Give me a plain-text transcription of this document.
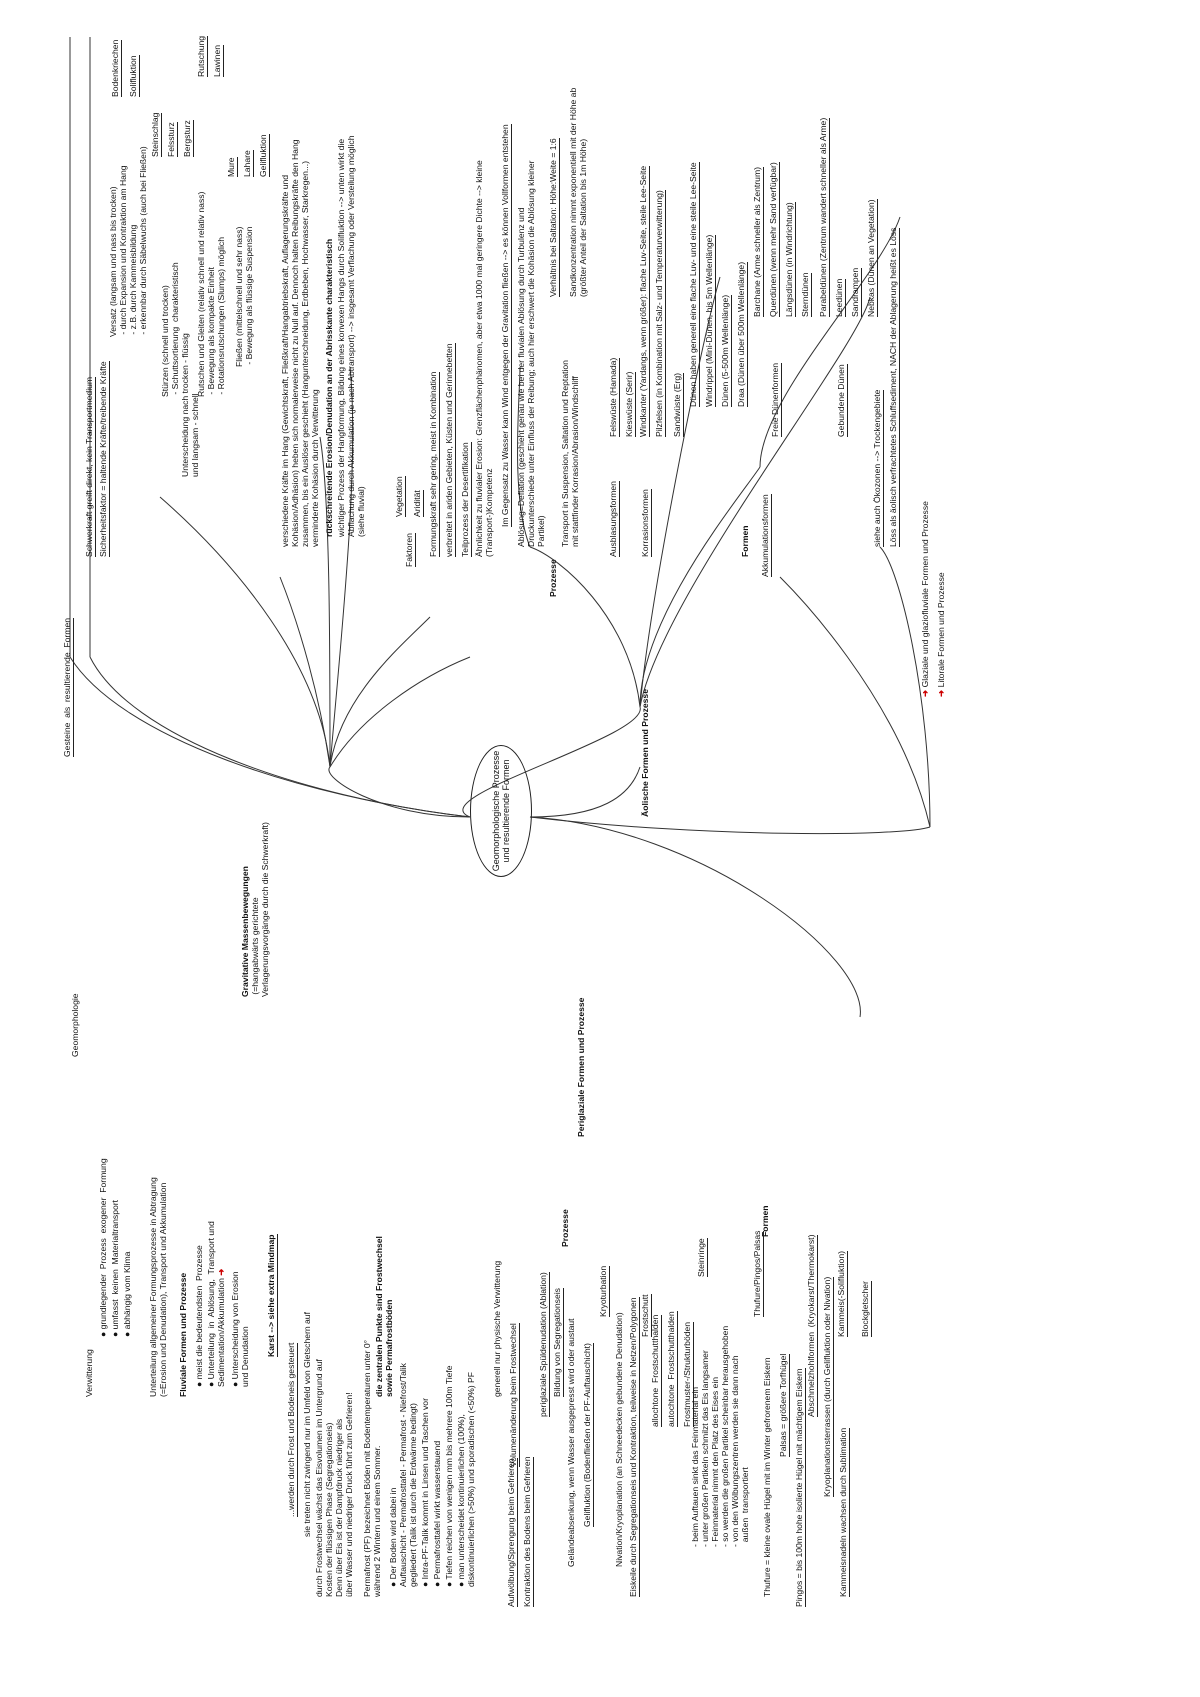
Geomorphologische Prozesse
und resultierende Formen
Geomorphologie
Gesteine  als  resultierende  Formen
Gravitative Massenbewegungen (=hangabwärts gerichtete
Verlagerungsvorgänge durch die Schwerkraft)
Schwerkraft greift direkt, kein Transportmedium Sicherheitsfaktor = haltende Kräfte/treibende Kräfte
Versatz (langsam und nass bis trocken)
- durch Expansion und Kontraktion am Hang
- z.B. durch Kammeisbildung
- erkennbar durch Säbelwuchs (auch bei Fließen)
Bodenkriechen Solifluktion
Unterscheidung nach trocken - flüssig
und langsam - schnell
Stürzen (schnell und trocken)
- Schuttsortierung  charakteristisch
Steinschlag Felssturz Bergsturz
Rutschen und Gleiten (relativ schnell und relativ nass)
- Bewegung als kompakte Einheit
- Rotationsrutschungen (Slumps) möglich
Rutschung Lawinen
Fließen (mittelschnell und sehr nass)
- Bewegung als flüssige Suspension
Mure Lahare Gelifluktion
verschiedene Kräfte im Hang (Gewichtskraft, Fließkraft/Hangabtriebskraft, Auflagerungskräfte und
Kohäsion/Adhäsion) heben sich normalerweise nicht zu Null auf. Dennoch halten Reibungskräfte den Hang
zusammen, bis ein Auslöser geschieht (Hangunterschneidung, Erdbeben, Hochwasser, Starkregen...)
verminderte Kohäsion durch Verwitterung rückschreitende Erosion/Denudation an der Abrisskante charakteristisch wichtiger Prozess der Hangformung, Bildung eines konvexen Hangs durch Solifluktion --> unten wirkt die
Abflachung durch Akkumulation (je nach Abtransport) --> insgesamt Verflachung oder Versteilung möglich
(siehe fluvial)
Äolische Formen und Prozesse
Faktoren
Vegetation Aridität Formungskraft sehr gering, meist in Kombination verbreitet in ariden Gebieten, Küsten und Gerinnebetten Teilprozess der Desertifikation Ähnlichkeit zu fluvialer Erosion: Grenzflächenphänomen, aber etwa 1000 mal geringere Dichte --> kleine
(Transport-)Kompetenz
Prozesse
Im Gegensatz zu Wasser kann Wind entgegen der Gravitation fließen --> es können Vollformen entstehen Ablösung=Deflation (geschieht genau wie bei der fluvialen Ablösung durch Turbulenz und
Druckunterschiede unter Einfluss der Reibung; auch hier erschwert die Kohäsion die Ablösung kleiner
Partikel) Transport in Suspension, Saltation und Reptation
mit stattfinder Korrasion/Abrasion/Windschliff
Verhältnis bei Saltation: Höhe:Weite = 1:6 Sandkonzentration nimmt exponentiell mit der Höhe ab
(größter Anteil der Saltation bis 1m Höhe)
Formen
Ausblasungsformen
Felswüste (Hamada) Kieswüste (Serir)
Korrasionsformen
Windkanter (Yardangs, wenn größer): flache Luv-Seite, steile Lee-Seite Pilzfelsen (in Kombination mit Salz- und Temperaturverwitterung)
Akkumulationsformen
Sandwüste (Erg) Dünen haben generell eine flache Luv- und eine steile Lee-Seite Windrippel (Mini-Dünen, bis 5m Wellenlänge) Dünen (5-500m Wellenlänge) Draa (Dünen über 500m Wellenlänge)	Freie Dünenformen
Barchane (Arme schneller als Zentrum) Querdünen (wenn mehr Sand verfügbar) Längsdünen (in Windrichtung) Sterndünen
Gebundene Dünen
Parabeldünen (Zentrum wandert schneller als Arme) Leedünen Sandrampen Nebkas (Dünen an Vegetation)
siehe auch Ökozonen --> Trockengebiete Löss als äolisch verfrachtetes Schluffsediment, NACH der Ablagerung heißt es Löss
➜ Glaziale und glaziofluviale Formen und Prozesse
➜ Litorale Formen und Prozesse
Verwitterung
● grundlegender  Prozess  exogener  Formung
● umfasst  keinen  Materialtransport
● abhängig vom Klima
Unterteilung allgemeiner Formungsprozesse in Abtragung
(=Erosion und Denudation), Transport und Akkumulation
Fluviale Formen und Prozesse ● meist die bedeutendsten  Prozesse
● Unterteilung  in  Ablösung,  Transport und
Sedimentation/Akkumulation ➜
● Unterscheidung von Erosion
und Denudation Karst --> siehe extra Mindmap
Periglaziale Formen und Prozesse
...werden durch Frost und Bodeneis gesteuert sie treten nicht zwingend nur im Umfeld von Gletschern auf
durch Frostwechsel wächst das Eisvolumen im Untergrund auf
Kosten der flüssigen Phase (Segregationseis)
Denn über Eis ist der Dampfdruck niedriger als
über Wasser und niedriger Druck führt zum Gefrieren!
die zentralen Punkte sind Frostwechsel
sowie Permafrostböden
Permafrost (PF) bezeichnet Böden mit Bodentemperaturen unter 0°
während 2 Wintern und einem Sommer.
● Der Boden wird dabei in
Auftauschicht - Permafrosttafel - Permafrost - Niefrost/Talik
gegliedert (Talik ist durch die Erdwärme bedingt)
● Intra-PF-Talik kommt in Linsen und Taschen vor
● Permafrosttafel wirkt wasserstauend
● Tiefen reichen von wenigen mm bis mehrere 100m Tiefe
● man unterscheidet kontinuierlichen (100%),
diskontinuierlichen (>50%) und sporadischen (<50%) PF
Prozesse
generell nur physische Verwitterung Volumenänderung beim Frostwechsel
Aufwölbung/Sprengung beim Gefrieren Kontraktion des Bodens beim Gefrieren
periglaziale Spüldenudation (Ablation) Bildung von Segregationseis Geländeabsenkung, wenn Wasser ausgepresst wird oder austaut Gelifluktion (Bodenfließen der PF-Auftauschicht)
Kryoturbation
Nivation/Kryoplanation (an Schneedecken gebundene Denudation) Eiskeile durch Segregationseis und Kontraktion, teilweise in Netzen/Polygonen
Formen
Frostschutt allochtone  Frostschutthalden autochtone  Frostschutthalden Frostmuster-/Strukturböden
Steinringe
- beim Auftauen sinkt das Feinmaterial ein
- unter großen Partikeln schmilzt das Eis langsamer
- Feinmaterial nimmt den Platz des Eises ein
- so werden die großen Partikel scheinbar herausgehoben
- von den Wölbungszentren werden sie dann nach
außen  transportiert
Thufure/Pingos/Palsas
Thufure = kleine ovale Hügel mit im Winter gefrorenem Eiskern Palsas = größere Torfhügel Pingos = bis 100m hohe isolierte Hügel mit mächtigem Eiskern
Abschmelzhohlformen  (Kryokarst/Thermokarst) Kryoplanationsterrassen (durch Gelifluktion oder Nivation)
Kammeisnadeln wachsen durch Sublimation
Kammeis(-Solifluktion) Blockgletscher
